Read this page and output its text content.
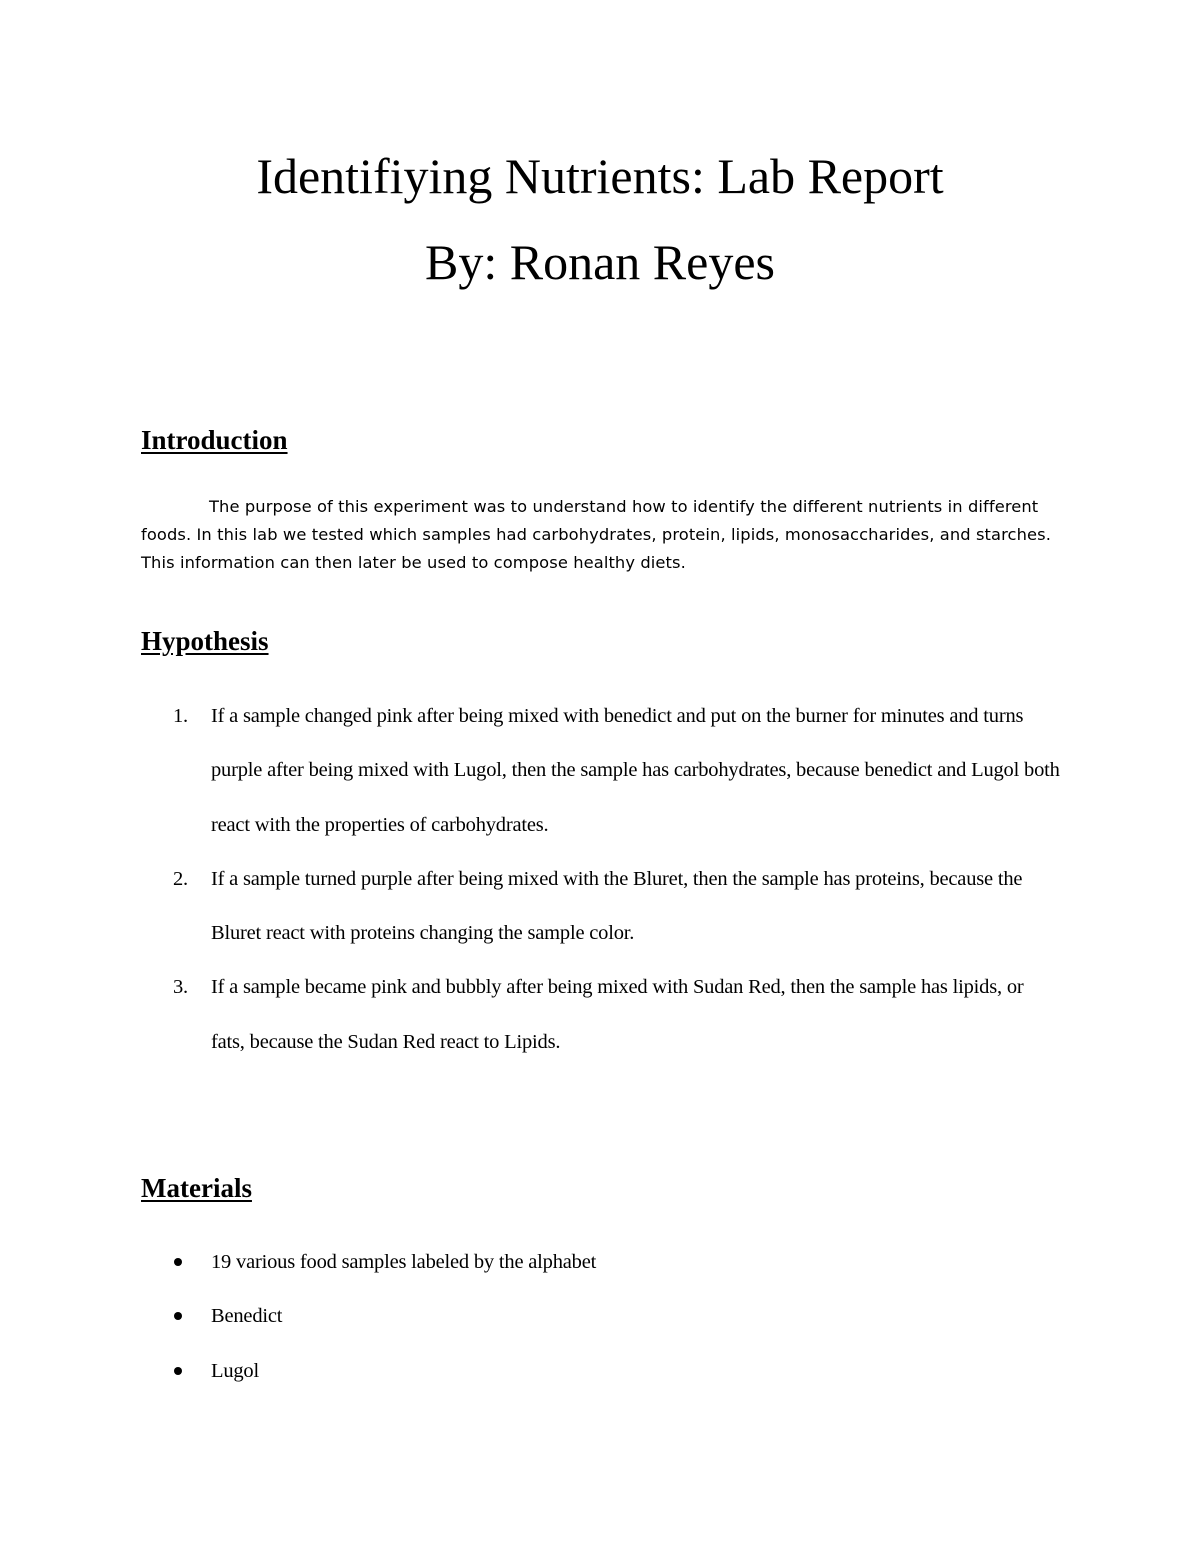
Identifiying Nutrients: Lab Report
By: Ronan Reyes
Introduction

The purpose of this experiment was to understand how to identify the different nutrients in different foods. In this lab we tested which samples had carbohydrates, protein, lipids, monosaccharides, and starches. This information can then later be used to compose healthy diets.

Hypothesis
1. If a sample changed pink after being mixed with benedict and put on the burner for minutes and turns purple after being mixed with Lugol, then the sample has carbohydrates, because benedict and Lugol both react with the properties of carbohydrates.
2. If a sample turned purple after being mixed with the Bluret, then the sample has proteins, because the Bluret react with proteins changing the sample color.
3. If a sample became pink and bubbly after being mixed with Sudan Red, then the sample has lipids, or fats, because the Sudan Red react to Lipids.
Materials
19 various food samples labeled by the alphabet
Benedict
Lugol
